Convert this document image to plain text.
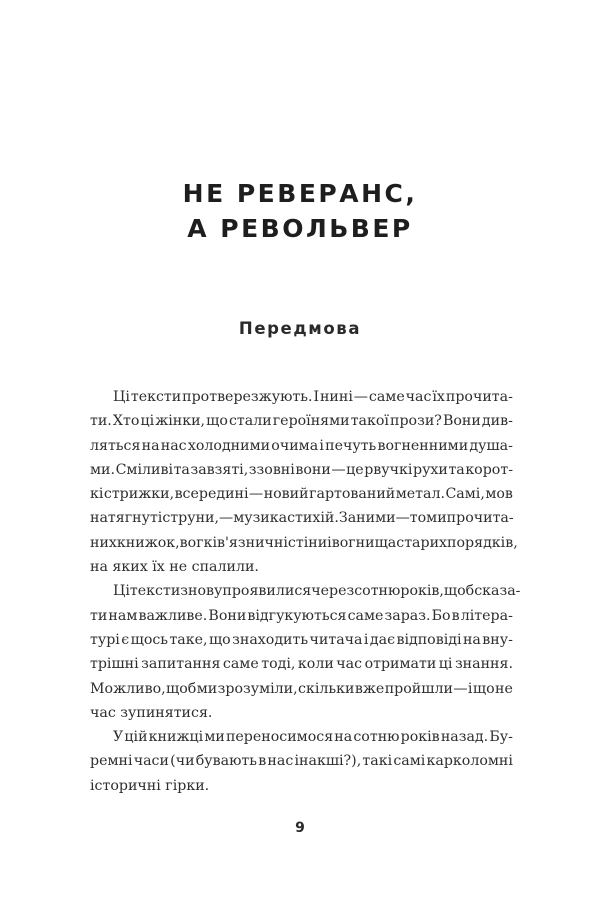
НЕ РЕВЕРАНС,
А РЕВОЛЬВЕР
Передмова
Ці тексти протверезжують. І нині — саме час їх прочита-
ти. Хто ці жінки, що стали героїнями такої прози? Вони див-
ляться на нас холодними очима і печуть вогненними душа-
ми. Сміливі та завзяті, ззовні вони — це рвучкі рухи та корот-
кі стрижки, всередині — новий гартований метал. Самі, мов
натягнуті струни, — музика стихій. За ними — томи прочита-
них книжок, вогкі в'язничні стіни і вогнища старих порядків,
на яких їх не спалили.
Ці тексти знову проявилися через сотню років, щоб сказа-
ти нам важливе. Вони відгукуються саме зараз. Бо в літера-
турі є щось таке, що знаходить читача і дає відповіді на вну-
трішні запитання саме тоді, коли час отримати ці знання.
Можливо, щоб ми зрозуміли, скільки вже пройшли — і що не
час зупинятися.
У цій книжці ми переносимося на сотню років назад. Бу-
ремні часи (чи бувають в нас інакші?), такі самі карколомні
історичні гірки.
9
